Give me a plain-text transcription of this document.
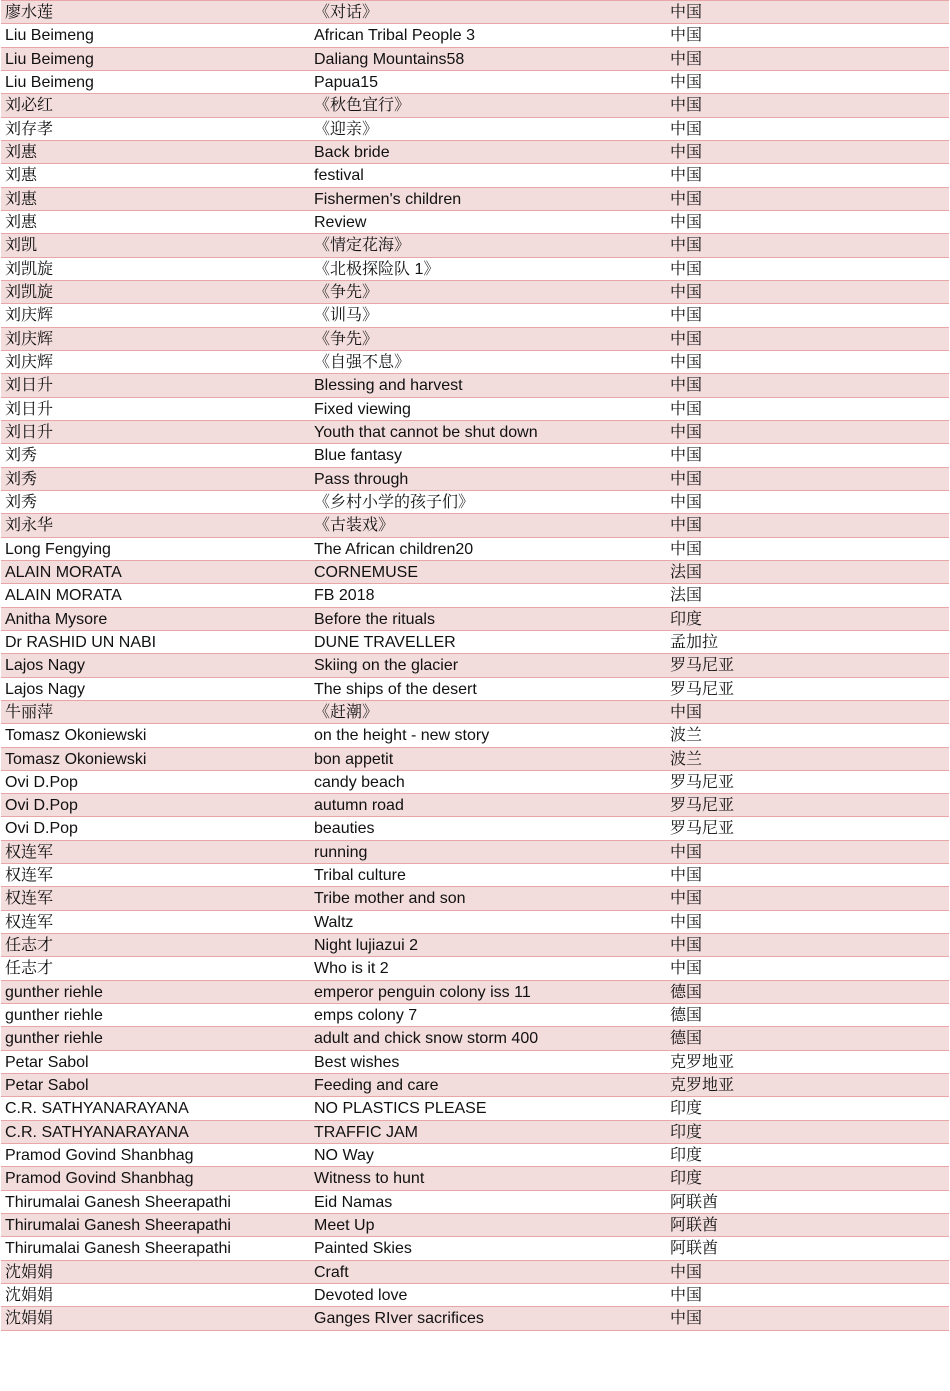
廖水莲	《对话》	中国
Liu Beimeng	African Tribal People 3	中国
Liu Beimeng	Daliang Mountains58	中国
Liu Beimeng	Papua15	中国
刘必红	《秋色宜行》	中国
刘存孝	《迎亲》	中国
刘惠	Back bride	中国
刘惠	festival	中国
刘惠	Fishermen's children	中国
刘惠	Review	中国
刘凯	《情定花海》	中国
刘凯旋	《北极探险队 1》	中国
刘凯旋	《争先》	中国
刘庆辉	《训马》	中国
刘庆辉	《争先》	中国
刘庆辉	《自强不息》	中国
刘日升	Blessing and harvest	中国
刘日升	Fixed viewing	中国
刘日升	Youth that cannot be shut down	中国
刘秀	Blue fantasy	中国
刘秀	Pass through	中国
刘秀	《乡村小学的孩子们》	中国
刘永华	《古装戏》	中国
Long Fengying	The African children20	中国
ALAIN MORATA	CORNEMUSE	法国
ALAIN MORATA	FB 2018	法国
Anitha Mysore	Before the rituals	印度
Dr RASHID UN NABI	DUNE TRAVELLER	孟加拉
Lajos Nagy	Skiing on the glacier	罗马尼亚
Lajos Nagy	The ships of the desert	罗马尼亚
牛丽萍	《赶潮》	中国
Tomasz Okoniewski	on the height - new story	波兰
Tomasz Okoniewski	bon appetit	波兰
Ovi D.Pop	candy beach	罗马尼亚
Ovi D.Pop	autumn road	罗马尼亚
Ovi D.Pop	beauties	罗马尼亚
权连军	running	中国
权连军	Tribal culture	中国
权连军	Tribe mother and son	中国
权连军	Waltz	中国
任志才	Night lujiazui 2	中国
任志才	Who is it 2	中国
gunther riehle	emperor penguin colony iss 11	德国
gunther riehle	emps colony 7	德国
gunther riehle	adult and chick snow storm 400	德国
Petar Sabol	Best wishes	克罗地亚
Petar Sabol	Feeding and care	克罗地亚
C.R. SATHYANARAYANA	NO PLASTICS PLEASE	印度
C.R. SATHYANARAYANA	TRAFFIC JAM	印度
Pramod Govind Shanbhag	NO Way	印度
Pramod Govind Shanbhag	Witness to hunt	印度
Thirumalai Ganesh Sheerapathi	Eid Namas	阿联酋
Thirumalai Ganesh Sheerapathi	Meet Up	阿联酋
Thirumalai Ganesh Sheerapathi	Painted Skies	阿联酋
沈娟娟	Craft	中国
沈娟娟	Devoted love	中国
沈娟娟	Ganges RIver sacrifices	中国
